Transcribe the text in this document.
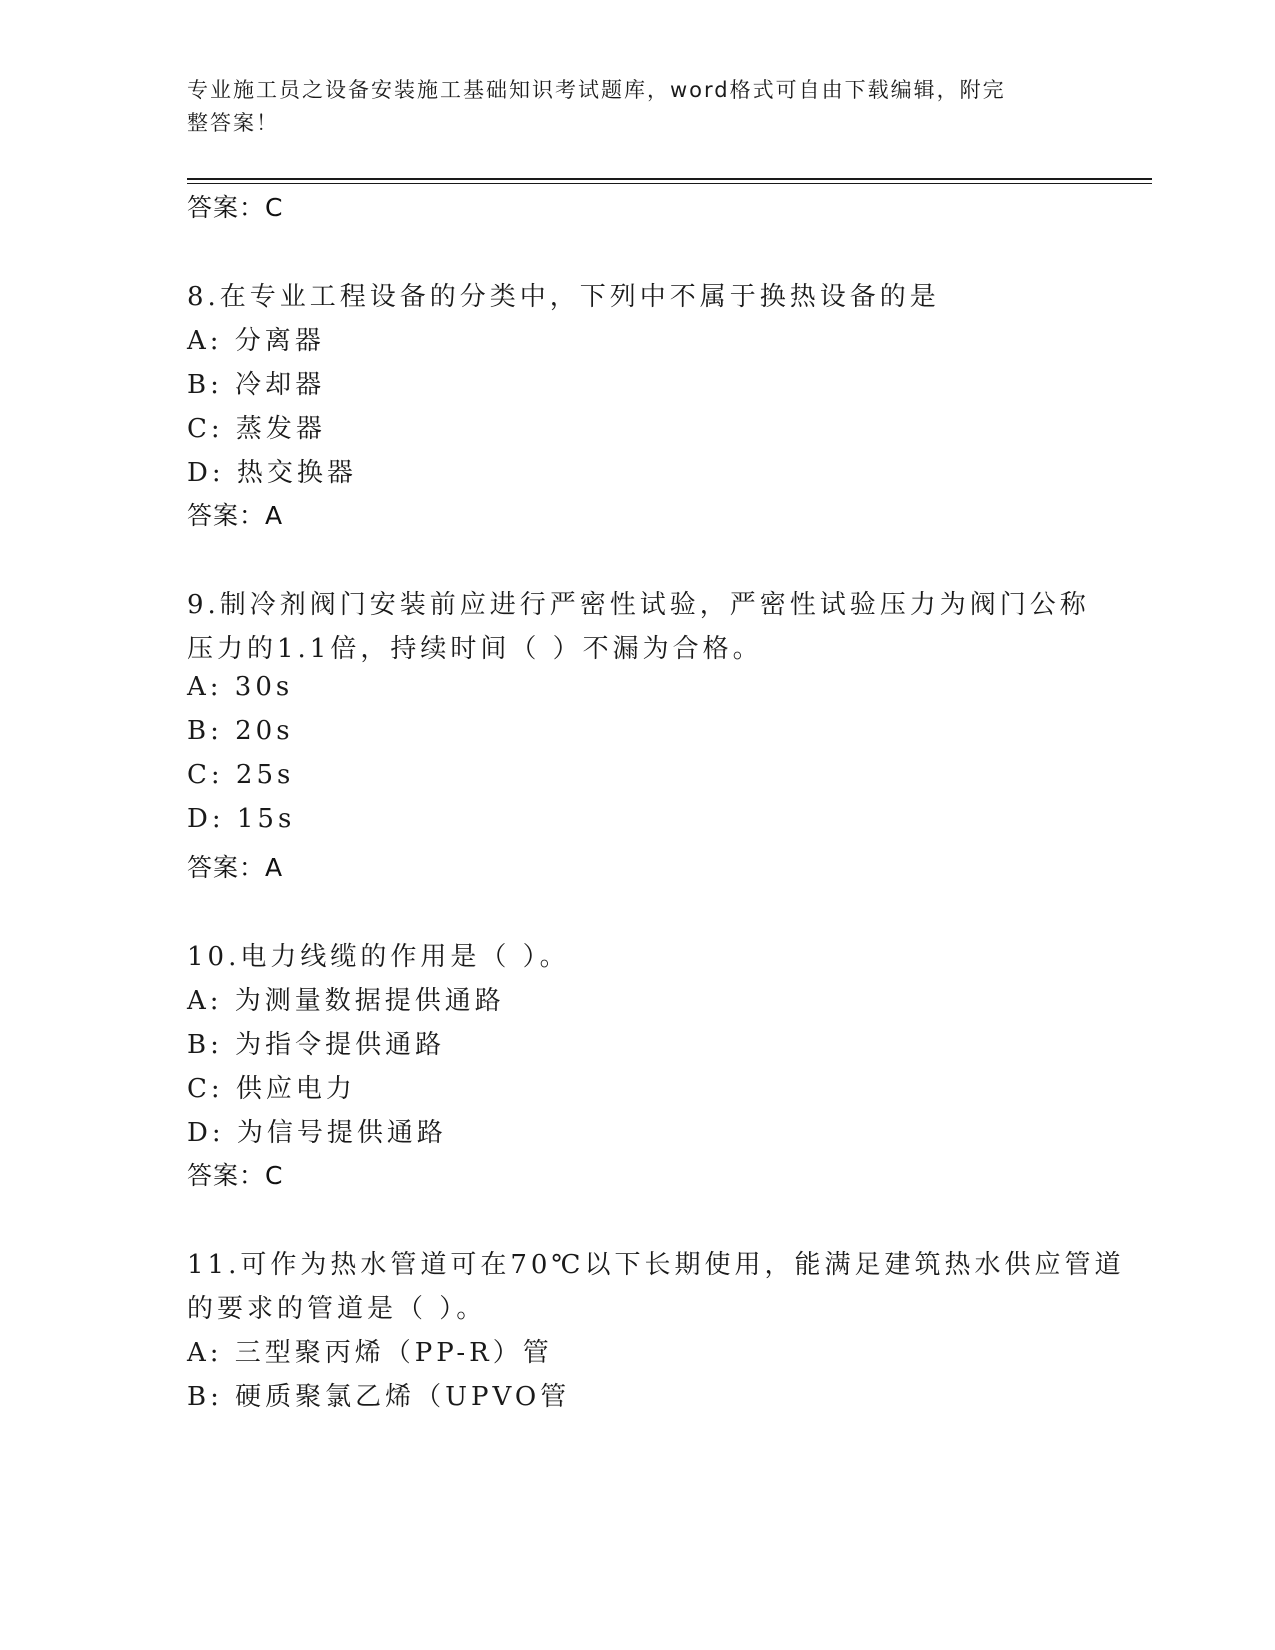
专业施工员之设备安装施工基础知识考试题库，word格式可自由下载编辑，附完
整答案！
答案：C
8.在专业工程设备的分类中，下列中不属于换热设备的是
A: 分离器
B: 冷却器
C: 蒸发器
D: 热交换器
答案：A
9.制冷剂阀门安装前应进行严密性试验，严密性试验压力为阀门公称
压力的1.1倍，持续时间（ ）不漏为合格。
A: 30s
B: 20s
C: 25s
D: 15s
答案：A
10.电力线缆的作用是（ ）。
A: 为测量数据提供通路
B: 为指令提供通路
C: 供应电力
D: 为信号提供通路
答案：C
11.可作为热水管道可在70℃以下长期使用，能满足建筑热水供应管道
的要求的管道是（ ）。
A: 三型聚丙烯（PP-R）管
B: 硬质聚氯乙烯（UPVO管
